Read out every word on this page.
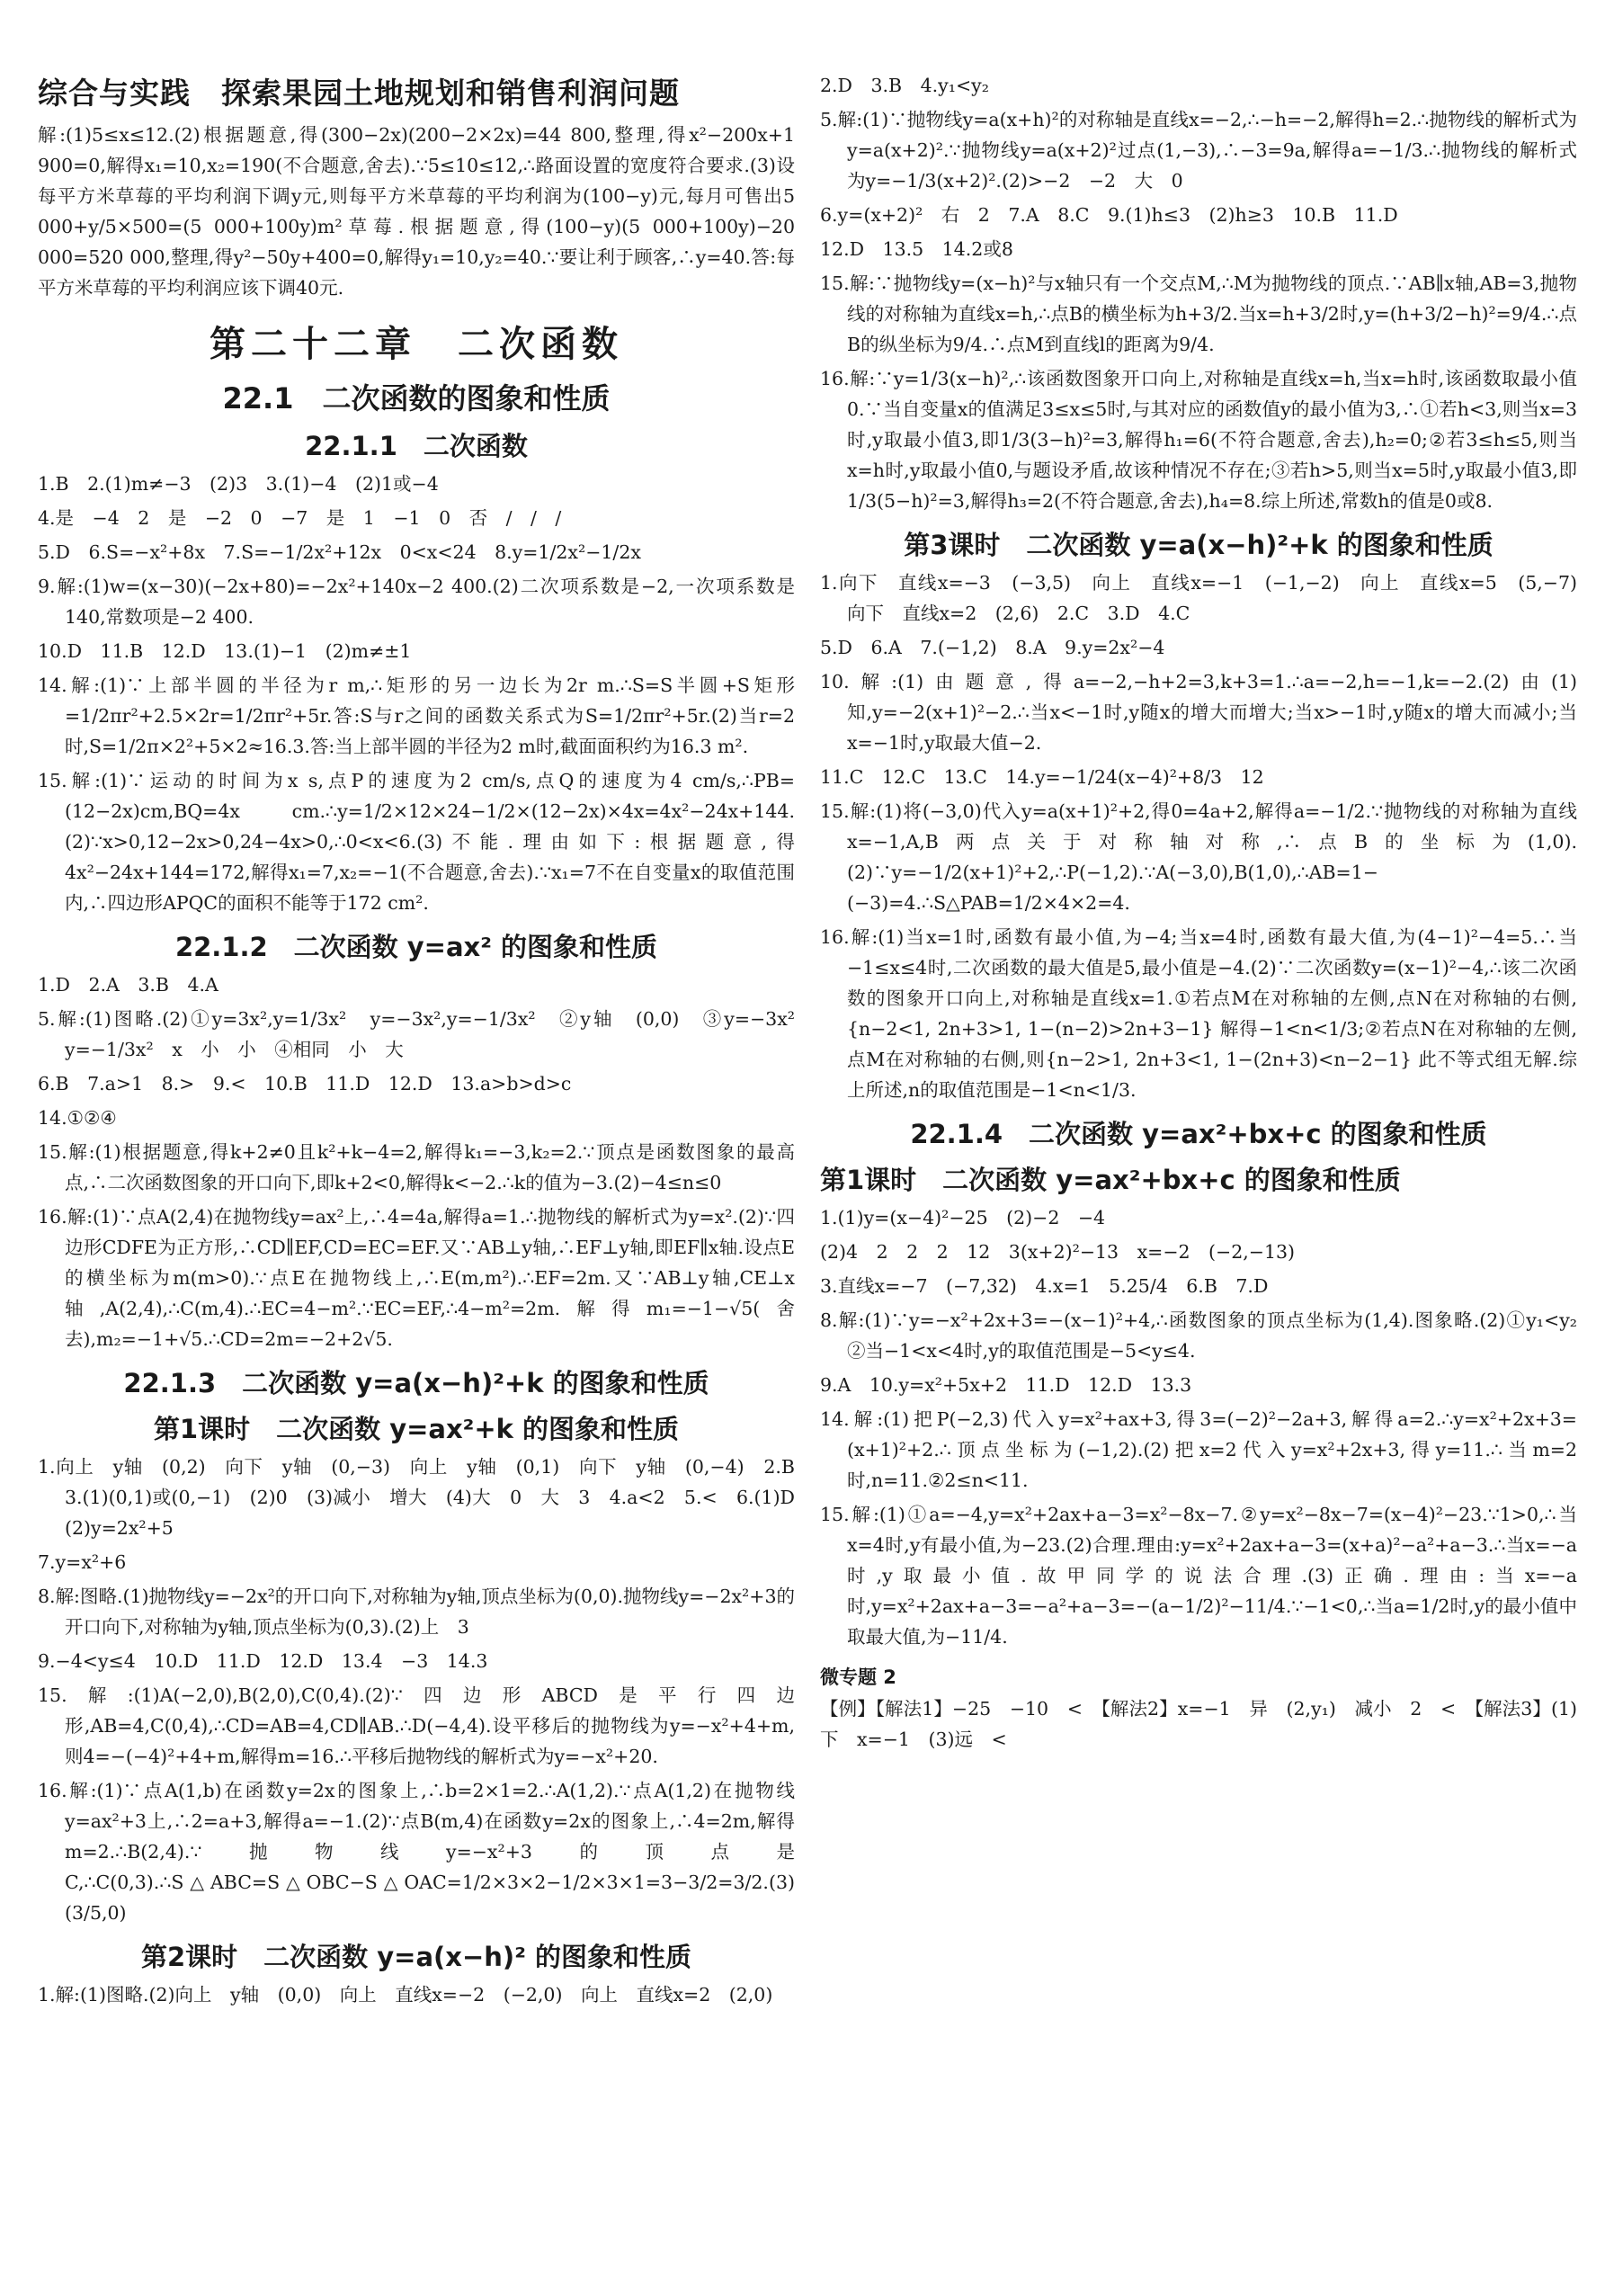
综合与实践　探索果园土地规划和销售利润问题

解:(1)5≤x≤12.(2)根据题意,得(300−2x)(200−2×2x)=44 800,整理,得x²−200x+1 900=0,解得x₁=10,x₂=190(不合题意,舍去).∵5≤10≤12,∴路面设置的宽度符合要求.(3)设每平方米草莓的平均利润下调y元,则每平方米草莓的平均利润为(100−y)元,每月可售出5 000+y/5×500=(5 000+100y)m²草莓.根据题意,得(100−y)(5 000+100y)−20 000=520 000,整理,得y²−50y+400=0,解得y₁=10,y₂=40.∵要让利于顾客,∴y=40.答:每平方米草莓的平均利润应该下调40元.

第二十二章　二次函数
22.1　二次函数的图象和性质
22.1.1　二次函数

1.B　2.(1)m≠−3　(2)3　3.(1)−4　(2)1或−4

4.是　−4　2　是　−2　0　−7　是　1　−1　0　否　/　/　/

5.D　6.S=−x²+8x　7.S=−1/2x²+12x　0<x<24　8.y=1/2x²−1/2x

9.解:(1)w=(x−30)(−2x+80)=−2x²+140x−2 400.(2)二次项系数是−2,一次项系数是140,常数项是−2 400.

10.D　11.B　12.D　13.(1)−1　(2)m≠±1

14.解:(1)∵上部半圆的半径为r m,∴矩形的另一边长为2r m.∴S=S半圆+S矩形=1/2πr²+2.5×2r=1/2πr²+5r.答:S与r之间的函数关系式为S=1/2πr²+5r.(2)当r=2时,S=1/2π×2²+5×2≈16.3.答:当上部半圆的半径为2 m时,截面面积约为16.3 m².

15.解:(1)∵运动的时间为x s,点P的速度为2 cm/s,点Q的速度为4 cm/s,∴PB=(12−2x)cm,BQ=4x cm.∴y=1/2×12×24−1/2×(12−2x)×4x=4x²−24x+144.(2)∵x>0,12−2x>0,24−4x>0,∴0<x<6.(3)不能.理由如下:根据题意,得4x²−24x+144=172,解得x₁=7,x₂=−1(不合题意,舍去).∵x₁=7不在自变量x的取值范围内,∴四边形APQC的面积不能等于172 cm².

22.1.2　二次函数 y=ax² 的图象和性质

1.D　2.A　3.B　4.A

5.解:(1)图略.(2)①y=3x²,y=1/3x²　y=−3x²,y=−1/3x²　②y轴　(0,0)　③y=−3x²　y=−1/3x²　x　小　小　④相同　小　大

6.B　7.a>1　8.>　9.<　10.B　11.D　12.D　13.a>b>d>c

14.①②④

15.解:(1)根据题意,得k+2≠0且k²+k−4=2,解得k₁=−3,k₂=2.∵顶点是函数图象的最高点,∴二次函数图象的开口向下,即k+2<0,解得k<−2.∴k的值为−3.(2)−4≤n≤0

16.解:(1)∵点A(2,4)在抛物线y=ax²上,∴4=4a,解得a=1.∴抛物线的解析式为y=x².(2)∵四边形CDFE为正方形,∴CD∥EF,CD=EC=EF.又∵AB⊥y轴,∴EF⊥y轴,即EF∥x轴.设点E的横坐标为m(m>0).∵点E在抛物线上,∴E(m,m²).∴EF=2m.又∵AB⊥y轴,CE⊥x轴,A(2,4),∴C(m,4).∴EC=4−m².∵EC=EF,∴4−m²=2m.解得m₁=−1−√5(舍去),m₂=−1+√5.∴CD=2m=−2+2√5.

22.1.3　二次函数 y=a(x−h)²+k 的图象和性质
第1课时　二次函数 y=ax²+k 的图象和性质

1.向上　y轴　(0,2)　向下　y轴　(0,−3)　向上　y轴　(0,1)　向下　y轴　(0,−4)　2.B　3.(1)(0,1)或(0,−1)　(2)0　(3)减小　增大　(4)大　0　大　3　4.a<2　5.<　6.(1)D　(2)y=2x²+5

7.y=x²+6

8.解:图略.(1)抛物线y=−2x²的开口向下,对称轴为y轴,顶点坐标为(0,0).抛物线y=−2x²+3的开口向下,对称轴为y轴,顶点坐标为(0,3).(2)上　3

9.−4<y≤4　10.D　11.D　12.D　13.4　−3　14.3

15.解:(1)A(−2,0),B(2,0),C(0,4).(2)∵四边形ABCD是平行四边形,AB=4,C(0,4),∴CD=AB=4,CD∥AB.∴D(−4,4).设平移后的抛物线为y=−x²+4+m,则4=−(−4)²+4+m,解得m=16.∴平移后抛物线的解析式为y=−x²+20.

16.解:(1)∵点A(1,b)在函数y=2x的图象上,∴b=2×1=2.∴A(1,2).∵点A(1,2)在抛物线y=ax²+3上,∴2=a+3,解得a=−1.(2)∵点B(m,4)在函数y=2x的图象上,∴4=2m,解得m=2.∴B(2,4).∵抛物线y=−x²+3的顶点是C,∴C(0,3).∴S△ABC=S△OBC−S△OAC=1/2×3×2−1/2×3×1=3−3/2=3/2.(3)(3/5,0)

第2课时　二次函数 y=a(x−h)² 的图象和性质

1.解:(1)图略.(2)向上　y轴　(0,0)　向上　直线x=−2　(−2,0)　向上　直线x=2　(2,0)

2.D　3.B　4.y₁<y₂

5.解:(1)∵抛物线y=a(x+h)²的对称轴是直线x=−2,∴−h=−2,解得h=2.∴抛物线的解析式为y=a(x+2)².∵抛物线y=a(x+2)²过点(1,−3),∴−3=9a,解得a=−1/3.∴抛物线的解析式为y=−1/3(x+2)².(2)>−2　−2　大　0

6.y=(x+2)²　右　2　7.A　8.C　9.(1)h≤3　(2)h≥3　10.B　11.D

12.D　13.5　14.2或8

15.解:∵抛物线y=(x−h)²与x轴只有一个交点M,∴M为抛物线的顶点.∵AB∥x轴,AB=3,抛物线的对称轴为直线x=h,∴点B的横坐标为h+3/2.当x=h+3/2时,y=(h+3/2−h)²=9/4.∴点B的纵坐标为9/4.∴点M到直线l的距离为9/4.

16.解:∵y=1/3(x−h)²,∴该函数图象开口向上,对称轴是直线x=h,当x=h时,该函数取最小值0.∵当自变量x的值满足3≤x≤5时,与其对应的函数值y的最小值为3,∴①若h<3,则当x=3时,y取最小值3,即1/3(3−h)²=3,解得h₁=6(不符合题意,舍去),h₂=0;②若3≤h≤5,则当x=h时,y取最小值0,与题设矛盾,故该种情况不存在;③若h>5,则当x=5时,y取最小值3,即1/3(5−h)²=3,解得h₃=2(不符合题意,舍去),h₄=8.综上所述,常数h的值是0或8.

第3课时　二次函数 y=a(x−h)²+k 的图象和性质

1.向下　直线x=−3　(−3,5)　向上　直线x=−1　(−1,−2)　向上　直线x=5　(5,−7)　向下　直线x=2　(2,6)　2.C　3.D　4.C

5.D　6.A　7.(−1,2)　8.A　9.y=2x²−4

10.解:(1)由题意,得a=−2,−h+2=3,k+3=1.∴a=−2,h=−1,k=−2.(2)由(1)知,y=−2(x+1)²−2.∴当x<−1时,y随x的增大而增大;当x>−1时,y随x的增大而减小;当x=−1时,y取最大值−2.

11.C　12.C　13.C　14.y=−1/24(x−4)²+8/3　12

15.解:(1)将(−3,0)代入y=a(x+1)²+2,得0=4a+2,解得a=−1/2.∵抛物线的对称轴为直线x=−1,A,B两点关于对称轴对称,∴点B的坐标为(1,0).(2)∵y=−1/2(x+1)²+2,∴P(−1,2).∵A(−3,0),B(1,0),∴AB=1−(−3)=4.∴S△PAB=1/2×4×2=4.

16.解:(1)当x=1时,函数有最小值,为−4;当x=4时,函数有最大值,为(4−1)²−4=5.∴当−1≤x≤4时,二次函数的最大值是5,最小值是−4.(2)∵二次函数y=(x−1)²−4,∴该二次函数的图象开口向上,对称轴是直线x=1.①若点M在对称轴的左侧,点N在对称轴的右侧,{n−2<1, 2n+3>1, 1−(n−2)>2n+3−1} 解得−1<n<1/3;②若点N在对称轴的左侧,点M在对称轴的右侧,则{n−2>1, 2n+3<1, 1−(2n+3)<n−2−1} 此不等式组无解.综上所述,n的取值范围是−1<n<1/3.

22.1.4　二次函数 y=ax²+bx+c 的图象和性质
第1课时　二次函数 y=ax²+bx+c 的图象和性质

1.(1)y=(x−4)²−25　(2)−2　−4

(2)4　2　2　2　12　3(x+2)²−13　x=−2　(−2,−13)

3.直线x=−7　(−7,32)　4.x=1　5.25/4　6.B　7.D

8.解:(1)∵y=−x²+2x+3=−(x−1)²+4,∴函数图象的顶点坐标为(1,4).图象略.(2)①y₁<y₂　②当−1<x<4时,y的取值范围是−5<y≤4.

9.A　10.y=x²+5x+2　11.D　12.D　13.3

14.解:(1)把P(−2,3)代入y=x²+ax+3,得3=(−2)²−2a+3,解得a=2.∴y=x²+2x+3=(x+1)²+2.∴顶点坐标为(−1,2).(2)把x=2代入y=x²+2x+3,得y=11.∴当m=2时,n=11.②2≤n<11.

15.解:(1)①a=−4,y=x²+2ax+a−3=x²−8x−7.②y=x²−8x−7=(x−4)²−23.∵1>0,∴当x=4时,y有最小值,为−23.(2)合理.理由:y=x²+2ax+a−3=(x+a)²−a²+a−3.∴当x=−a时,y取最小值.故甲同学的说法合理.(3)正确.理由:当x=−a时,y=x²+2ax+a−3=−a²+a−3=−(a−1/2)²−11/4.∵−1<0,∴当a=1/2时,y的最小值中取最大值,为−11/4.

微专题 2

【例】【解法1】−25　−10　<　【解法2】x=−1　异　(2,y₁)　减小　2　<　【解法3】(1)下　x=−1　(3)远　<
